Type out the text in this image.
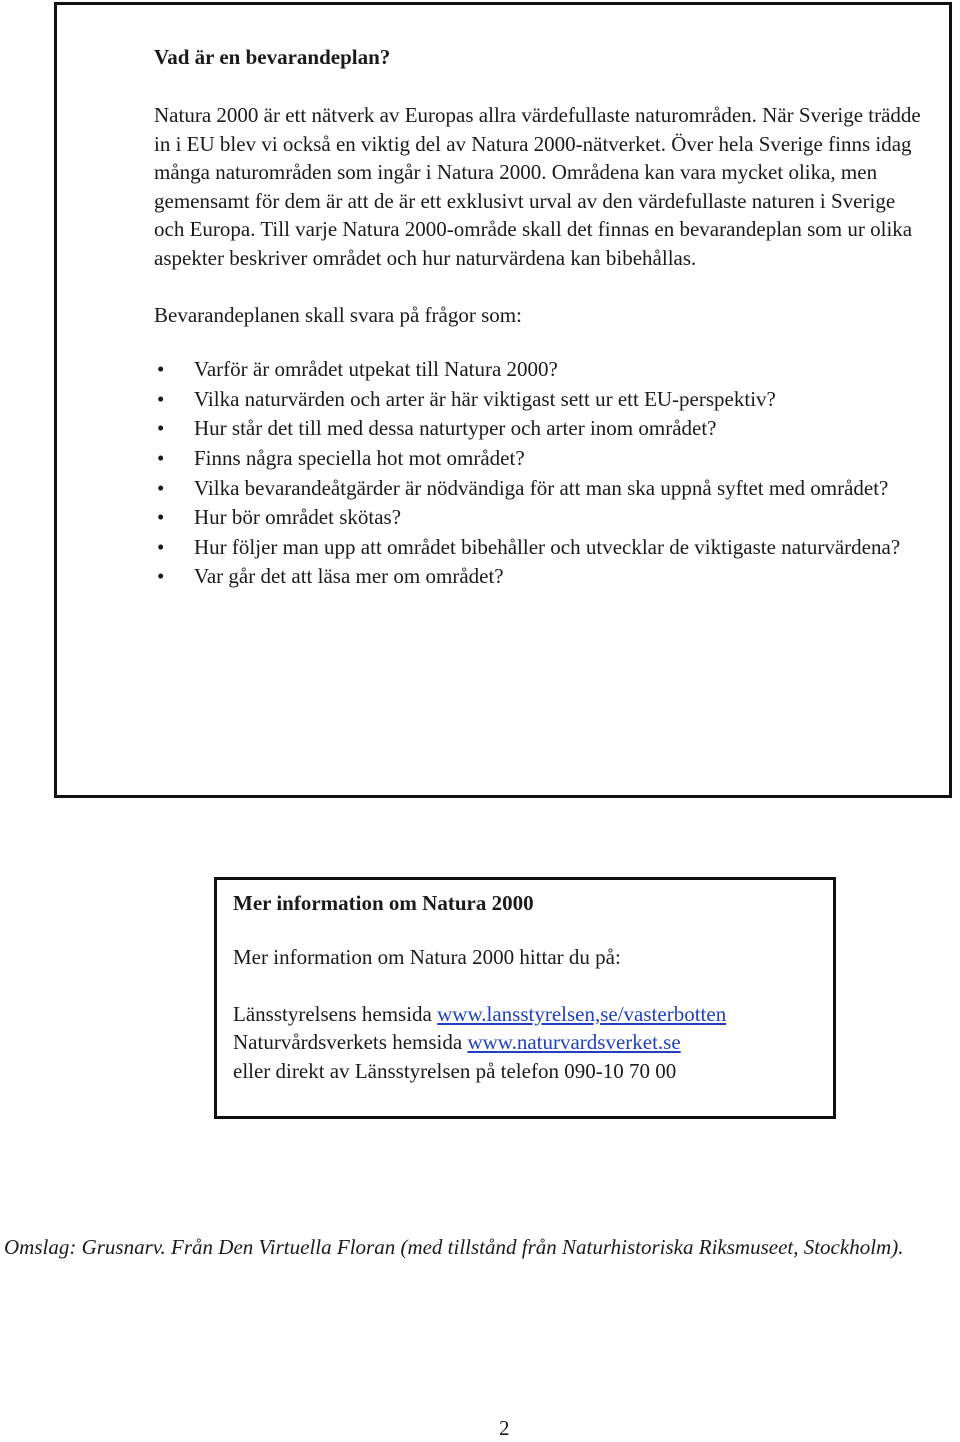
Vad är en bevarandeplan?

Natura 2000 är ett nätverk av Europas allra värdefullaste naturområden. När Sverige trädde in i EU blev vi också en viktig del av Natura 2000-nätverket. Över hela Sverige finns idag många naturområden som ingår i Natura 2000. Områdena kan vara mycket olika, men gemensamt för dem är att de är ett exklusivt urval av den värdefullaste naturen i Sverige och Europa. Till varje Natura 2000-område skall det finnas en bevarandeplan som ur olika aspekter beskriver området och hur naturvärdena kan bibehållas.

Bevarandeplanen skall svara på frågor som:

• Varför är området utpekat till Natura 2000?
• Vilka naturvärden och arter är här viktigast sett ur ett EU-perspektiv?
• Hur står det till med dessa naturtyper och arter inom området?
• Finns några speciella hot mot området?
• Vilka bevarandeåtgärder är nödvändiga för att man ska uppnå syftet med området?
• Hur bör området skötas?
• Hur följer man upp att området bibehåller och utvecklar de viktigaste naturvärdena?
• Var går det att läsa mer om området?

Mer information om Natura 2000

Mer information om Natura 2000 hittar du på:

Länsstyrelsens hemsida www.lansstyrelsen,se/vasterbotten

Naturvårdsverkets hemsida www.naturvardsverket.se

eller direkt av Länsstyrelsen på telefon 090-10 70 00

Omslag: Grusnarv. Från Den Virtuella Floran (med tillstånd från Naturhistoriska Riksmuseet, Stockholm).

2
